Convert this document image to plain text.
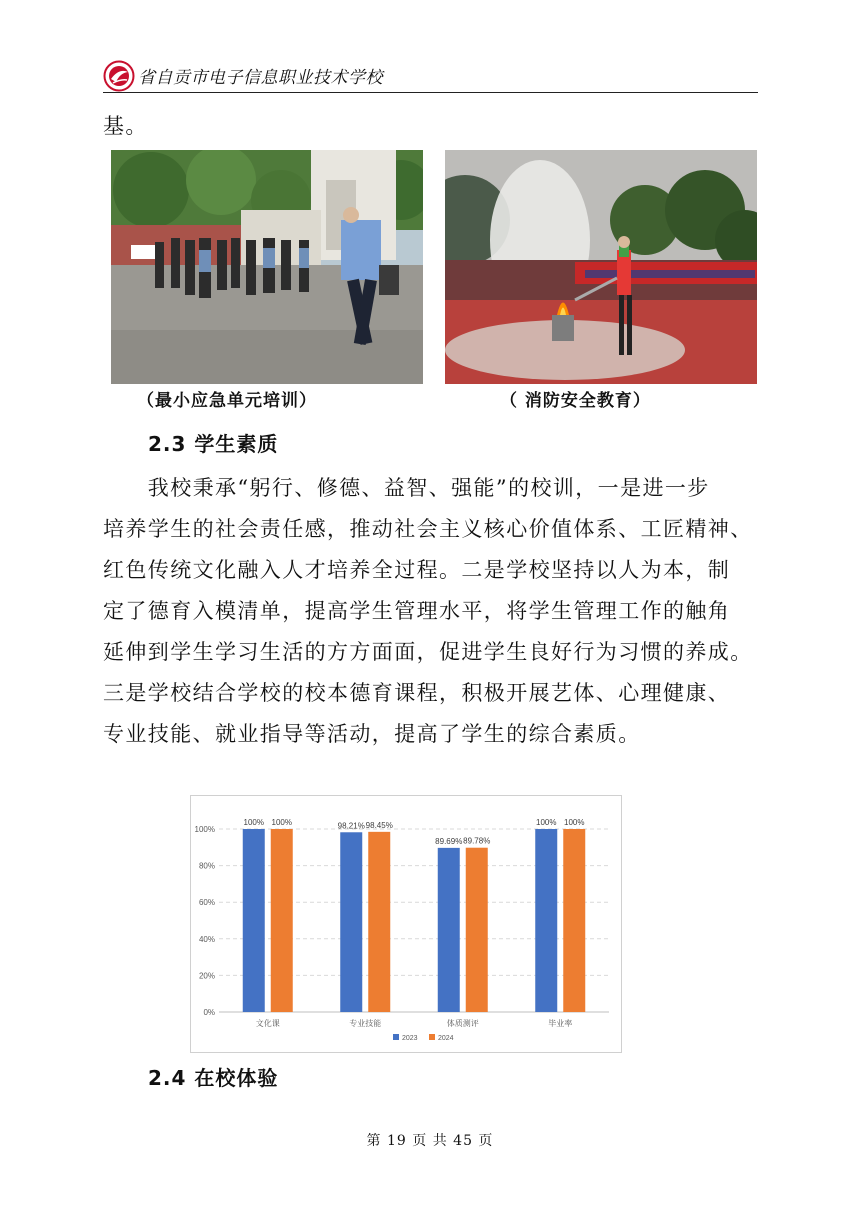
省自贡市电子信息职业技术学校
基。
（最小应急单元培训）	（ 消防安全教育）
2.3 学生素质
　　我校秉承“躬行、修德、益智、强能”的校训，一是进一步
培养学生的社会责任感，推动社会主义核心价值体系、工匠精神、
红色传统文化融入人才培养全过程。二是学校坚持以人为本，制
定了德育入模清单，提高学生管理水平，将学生管理工作的触角
延伸到学生学习生活的方方面面，促进学生良好行为习惯的养成。
三是学校结合学校的校本德育课程，积极开展艺体、心理健康、
专业技能、就业指导等活动，提高了学生的综合素质。
0%
20%
40%
60%
80%
100%
100% 100%
文化课
98.21% 98.45%
专业技能
89.69% 89.78%
体质测评
100% 100%
毕业率
2023	2024
2.4 在校体验
第 19 页 共 45 页
